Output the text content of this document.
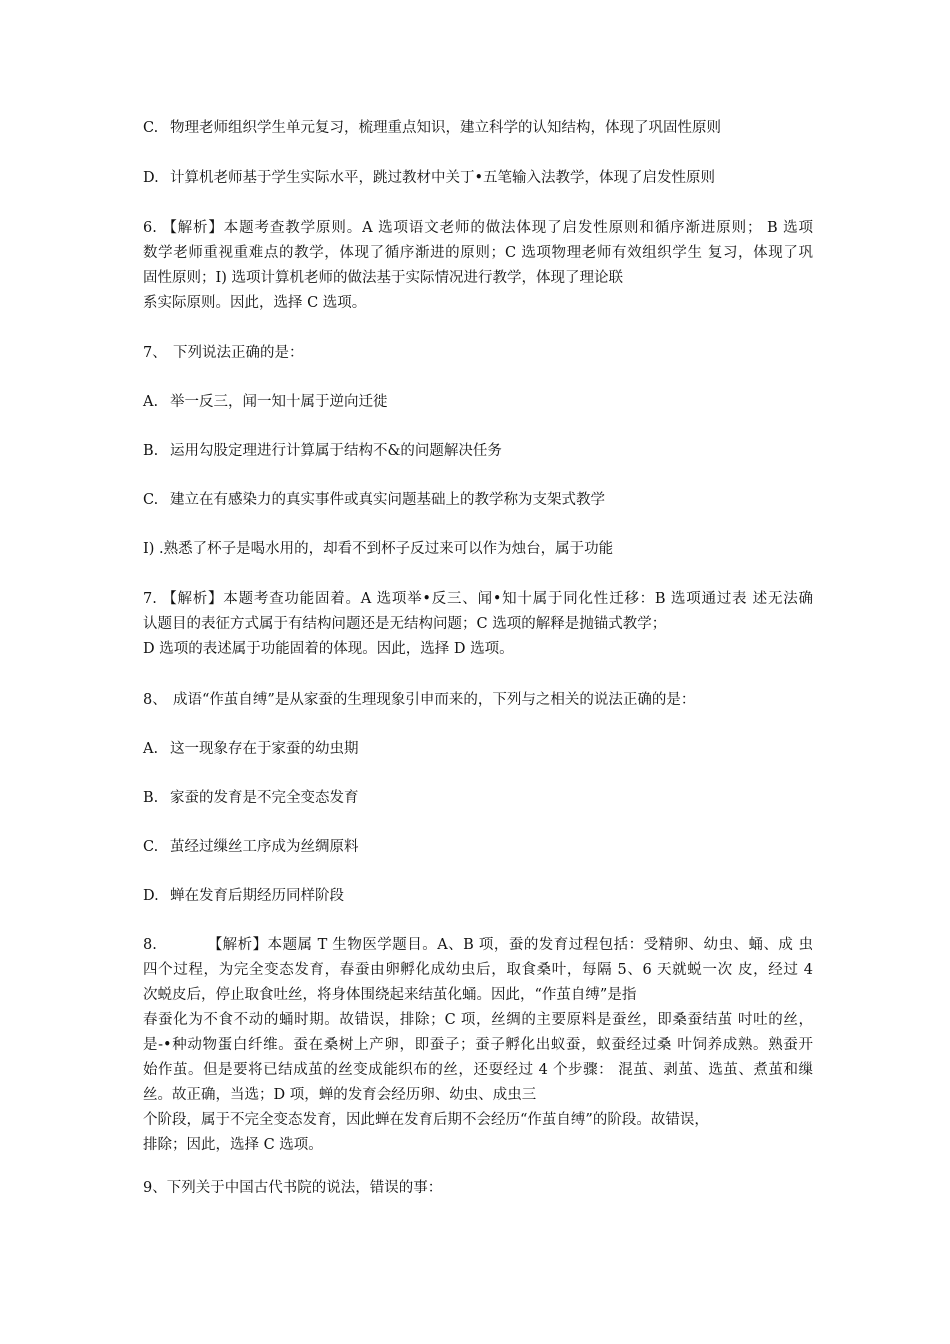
C. 物理老师组织学生单元复习，梳理重点知识，建立科学的认知结构，体现了巩固性原则

D. 计算机老师基于学生实际水平，跳过教材中关丁•五笔输入法教学，体现了启发性原则

6. 【解析】本题考查教学原则。A 选项语文老师的做法体现了启发性原则和循序渐进原则； B 选项
数学老师重视重难点的教学，体现了循序渐进的原则；C 选项物理老师有效组织学生 复习，体现了巩
固性原则；I) 选项计算机老师的做法基于实际情况进行教学，体现了理论联
系实际原则。因此，选择 C 选项。

7、 下列说法正确的是：

A. 举一反三，闻一知十属于逆向迁徙

B. 运用勾股定理进行计算属于结构不&的问题解决任务

C. 建立在有感染力的真实事件或真实问题基础上的教学称为支架式教学

I) .熟悉了杯子是喝水用的，却看不到杯子反过来可以作为烛台，属于功能

7. 【解析】本题考查功能固着。A 选项举•反三、闻•知十属于同化性迁移：B 选项通过表 述无法确
认题目的表征方式属于有结构问题还是无结构问题；C 选项的解释是抛锚式教学；
D 选项的表述属于功能固着的体现。因此，选择 D 选项。

8、 成语“作茧自缚”是从家蚕的生理现象引申而来的，下列与之相关的说法正确的是：

A. 这一现象存在于家蚕的幼虫期

B. 家蚕的发育是不完全变态发育

C. 茧经过缫丝工序成为丝绸原料

D. 蝉在发育后期经历同样阶段

8.          【解析】本题属 T 生物医学题目。A、B 项，蚕的发育过程包括：受精卵、幼虫、蛹、成 虫
四个过程，为完全变态发育，春蚕由卵孵化成幼虫后，取食桑叶，每隔 5、6 天就蜕一次 皮，经过 4
次蜕皮后，停止取食吐丝，将身体围绕起来结茧化蛹。因此，“作茧自缚”是指
春蚕化为不食不动的蛹时期。故错误，排除；C 项，丝绸的主要原料是蚕丝，即桑蚕结茧 吋吐的丝，
是-•种动物蛋白纤维。蚕在桑树上产卵，即蚕子；蚕子孵化出蚁蚕，蚁蚕经过桑 叶饲养成熟。熟蚕开
始作茧。但是要将已结成茧的丝变成能织布的丝，还耍经过 4 个步骤： 混茧、剥茧、选茧、煮茧和缫
丝。故正确，当选；D 项，蝉的发育会经历卵、幼虫、成虫三
个阶段，属于不完全变态发育，因此蝉在发育后期不会经历“作茧自缚”的阶段。故错误，
排除；因此，选择 C 选项。

9、下列关于中国古代书院的说法，错误的事：
